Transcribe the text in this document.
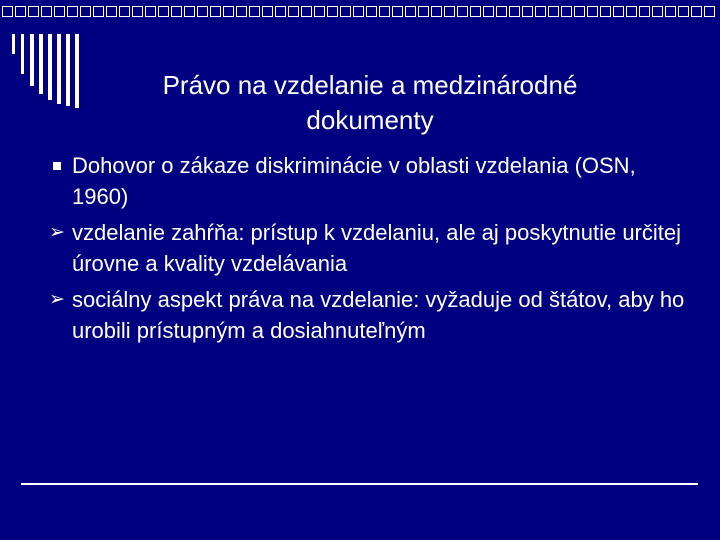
Právo na vzdelanie a medzinárodné
dokumenty
Dohovor o zákaze diskriminácie v oblasti vzdelania (OSN, 1960)
➢ vzdelanie zahŕňa: prístup k vzdelaniu, ale aj poskytnutie určitej úrovne a kvality vzdelávania
➢ sociálny aspekt práva na vzdelanie: vyžaduje od štátov, aby ho urobili prístupným a dosiahnuteľným
